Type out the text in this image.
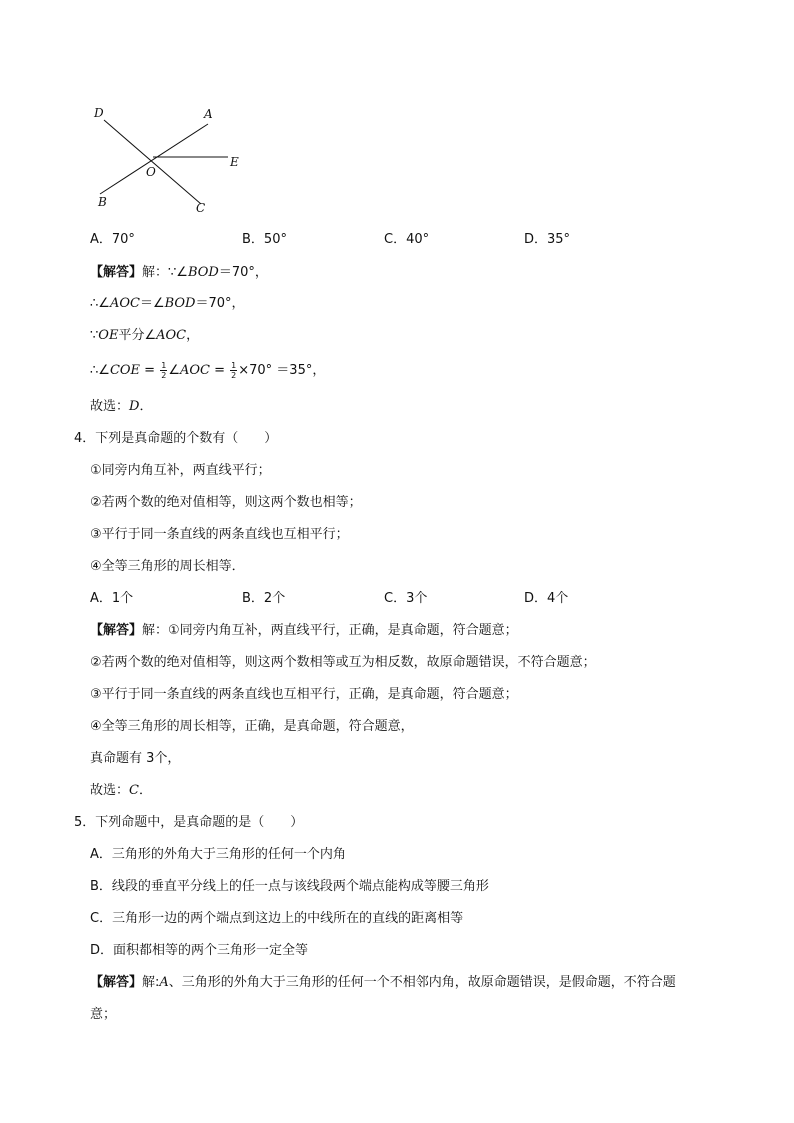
D	A
E
O
B	C
A．70°	B．50°	C．40°	D．35°
【解答】解：∵∠BOD＝70°，
∴∠AOC＝∠BOD＝70°，
∵OE平分∠AOC，
∴∠COE = $\frac{1}{2}$ ∠AOC = $\frac{1}{2} \times 70^\circ =35^\circ$，
故选：D．
4．下列是真命题的个数有（　　）
①同旁内角互补，两直线平行；
②若两个数的绝对值相等，则这两个数也相等；
③平行于同一条直线的两条直线也互相平行；
④全等三角形的周长相等．
A．1个	B．2个	C．3个	D．4个
【解答】解：①同旁内角互补，两直线平行，正确，是真命题，符合题意；
②若两个数的绝对值相等，则这两个数相等或互为相反数，故原命题错误，不符合题意；
③平行于同一条直线的两条直线也互相平行，正确，是真命题，符合题意；
④全等三角形的周长相等，正确，是真命题，符合题意，
真命题有 3个，
故选：C．
5．下列命题中，是真命题的是（　　）
A．三角形的外角大于三角形的任何一个内角
B．线段的垂直平分线上的任一点与该线段两个端点能构成等腰三角形
C．三角形一边的两个端点到这边上的中线所在的直线的距离相等
D．面积都相等的两个三角形一定全等
【解答】解:A、三角形的外角大于三角形的任何一个不相邻内角，故原命题错误，是假命题，不符合题
意；
